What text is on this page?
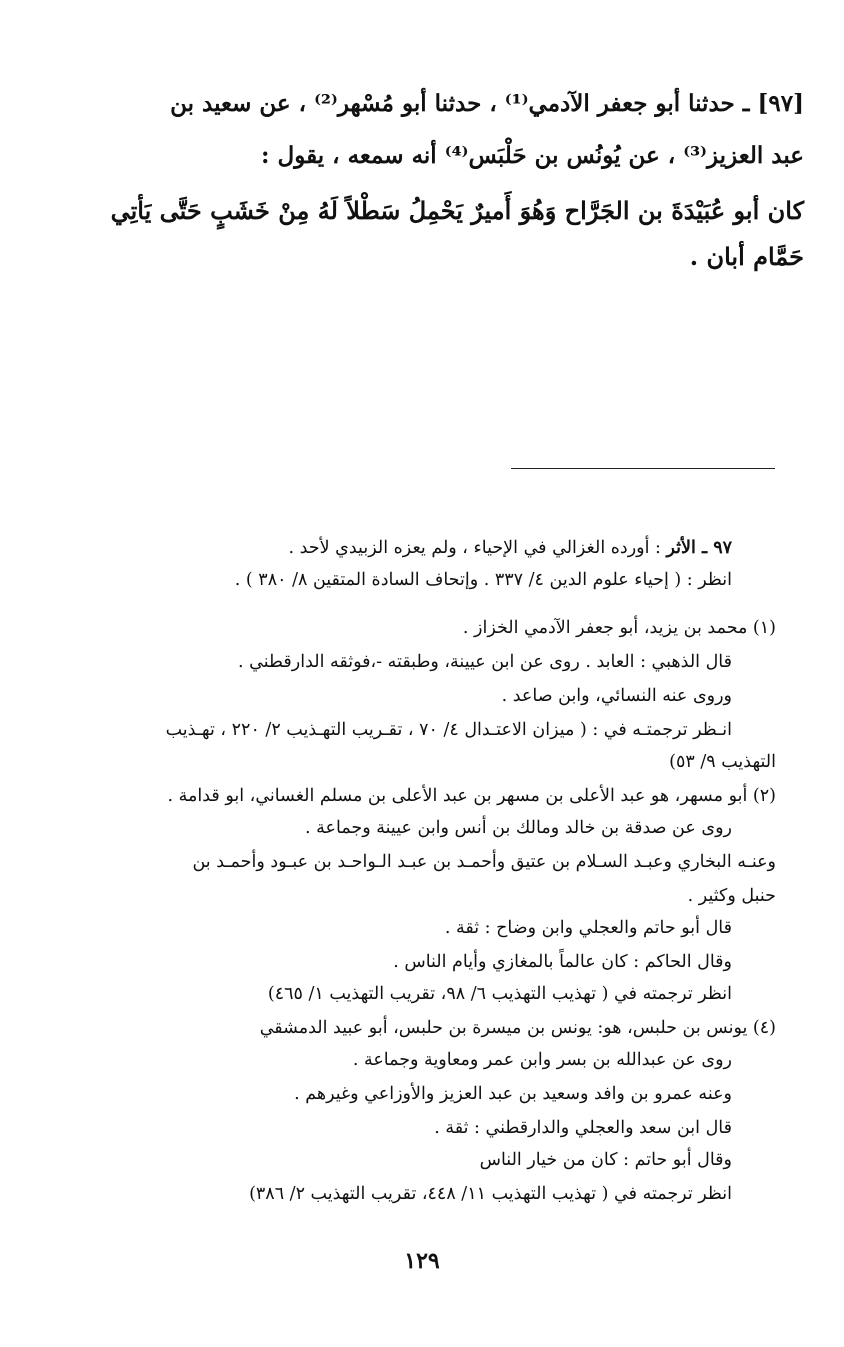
[٩٧] ـ حدثنا أبو جعفر الآدمي⁽¹⁾ ، حدثنا أبو مُسْهر⁽²⁾ ، عن سعيد بن
عبد العزيز⁽³⁾ ، عن يُونُس بن حَلْبَس⁽⁴⁾ أنه سمعه ، يقول :
كان أبو عُبَيْدَةَ بن الجَرَّاح وَهُوَ أَميرٌ يَحْمِلُ سَطْلاً لَهُ مِنْ خَشَبٍ حَتَّى يَأتِي
حَمَّام أبان .
٩٧ ـ الأثر : أورده الغزالي في الإحياء ، ولم يعزه الزبيدي لأحد .
انظر : ( إحياء علوم الدين ٤/ ٣٣٧ . وإتحاف السادة المتقين ٨/ ٣٨٠ ) .
(١) محمد بن يزيد، أبو جعفر الآدمي الخزاز .
قال الذهبي : العابد . روى عن ابن عيينة، وطبقته -،فوثقه الدارقطني .
وروى عنه النسائي، وابن صاعد .
انـظر ترجمتـه في : ( ميزان الاعتـدال ٤/ ٧٠ ، تقـريب التهـذيب ٢/ ٢٢٠ ، تهـذيب
التهذيب ٩/ ٥٣)
(٢) أبو مسهر، هو عبد الأعلى بن مسهر بن عبد الأعلى بن مسلم الغساني، ابو قدامة .
روى عن صدقة بن خالد ومالك بن أنس وابن عيينة وجماعة .
وعنـه البخاري وعبـد السـلام بن عتيق وأحمـد بن عبـد الـواحـد بن عبـود وأحمـد بن
حنبل وكثير .
قال أبو حاتم والعجلي وابن وضاح : ثقة .
وقال الحاكم : كان عالماً بالمغازي وأيام الناس .
انظر ترجمته في ( تهذيب التهذيب ٦/ ٩٨، تقريب التهذيب ١/ ٤٦٥)
(٤) يونس بن حلبس، هو: يونس بن ميسرة بن حلبس، أبو عبيد الدمشقي
روى عن عبدالله بن بسر وابن عمر ومعاوية وجماعة .
وعنه عمرو بن وافد وسعيد بن عبد العزيز والأوزاعي وغيرهم .
قال ابن سعد والعجلي والدارقطني : ثقة .
وقال أبو حاتم : كان من خيار الناس
انظر ترجمته في ( تهذيب التهذيب ١١/ ٤٤٨، تقريب التهذيب ٢/ ٣٨٦)
١٢٩
